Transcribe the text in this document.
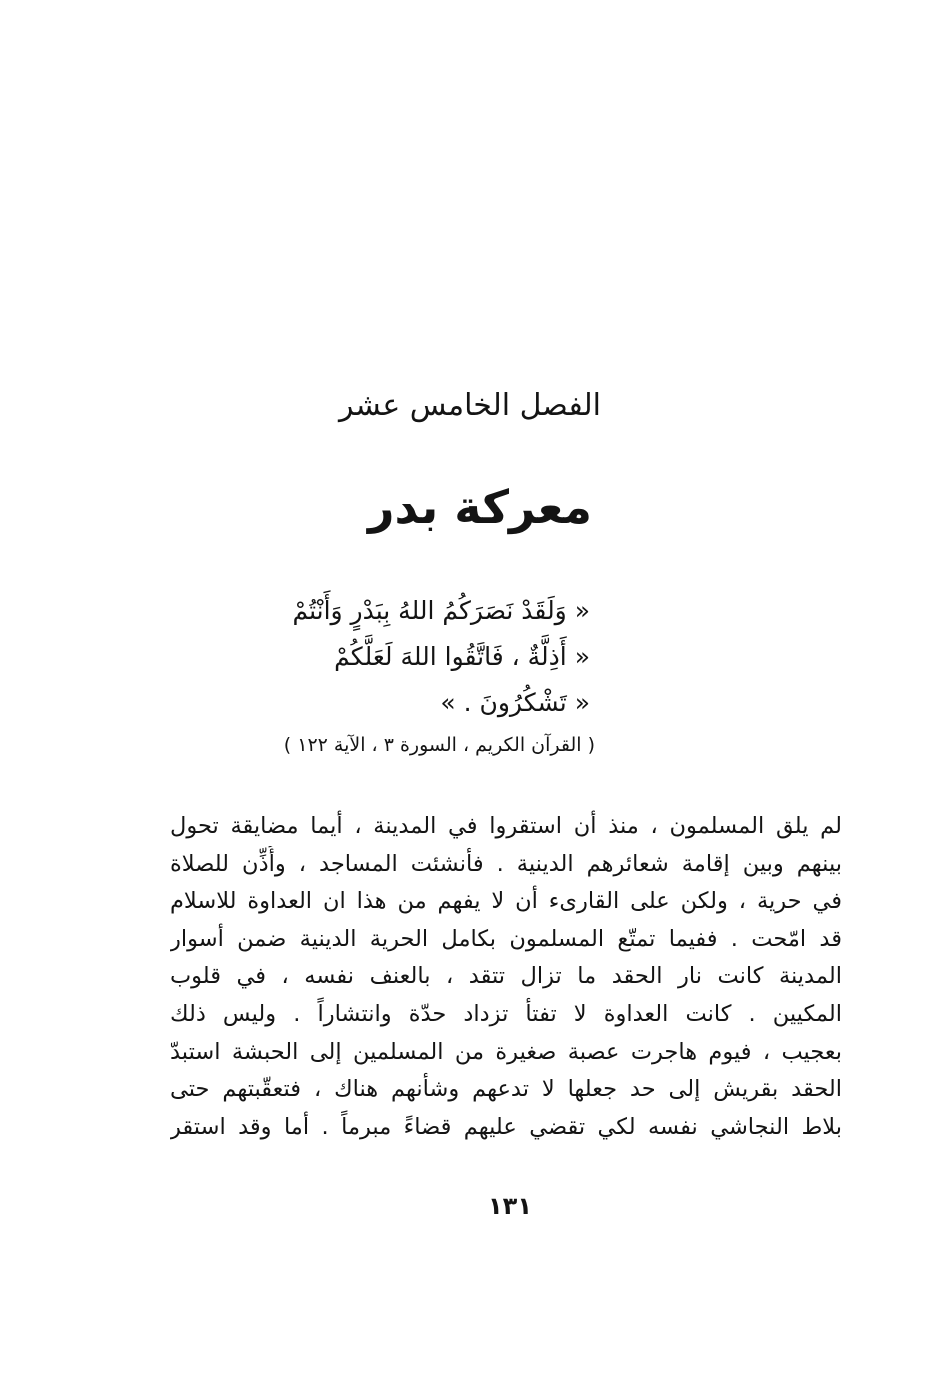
الفصل الخامس عشر
معركة بدر
« وَلَقَدْ نَصَرَكُمُ اللهُ بِبَدْرٍ وَأَنْتُمْ
« أَذِلَّةٌ ، فَاتَّقُوا اللهَ لَعَلَّكُمْ
« تَشْكُرُونَ . »
( القرآن الكريم ، السورة ٣ ، الآية ١٢٢ )
لم يلق المسلمون ، منذ أن استقروا في المدينة ، أيما مضايقة تحول
بينهم وبين إقامة شعائرهم الدينية . فأنشئت المساجد ، وأُذِّن للصلاة
في حرية ، ولكن على القارىء أن لا يفهم من هذا ان العداوة للاسلام
قد امّحت . ففيما تمتّع المسلمون بكامل الحرية الدينية ضمن أسوار
المدينة كانت نار الحقد ما تزال تتقد ، بالعنف نفسه ، في قلوب
المكيين . كانت العداوة لا تفتأ تزداد حدّة وانتشاراً . وليس ذلك
بعجيب ، فيوم هاجرت عصبة صغيرة من المسلمين إلى الحبشة استبدّ
الحقد بقريش إلى حد جعلها لا تدعهم وشأنهم هناك ، فتعقّبتهم حتى
بلاط النجاشي نفسه لكي تقضي عليهم قضاءً مبرماً . أما وقد استقر
١٣١
